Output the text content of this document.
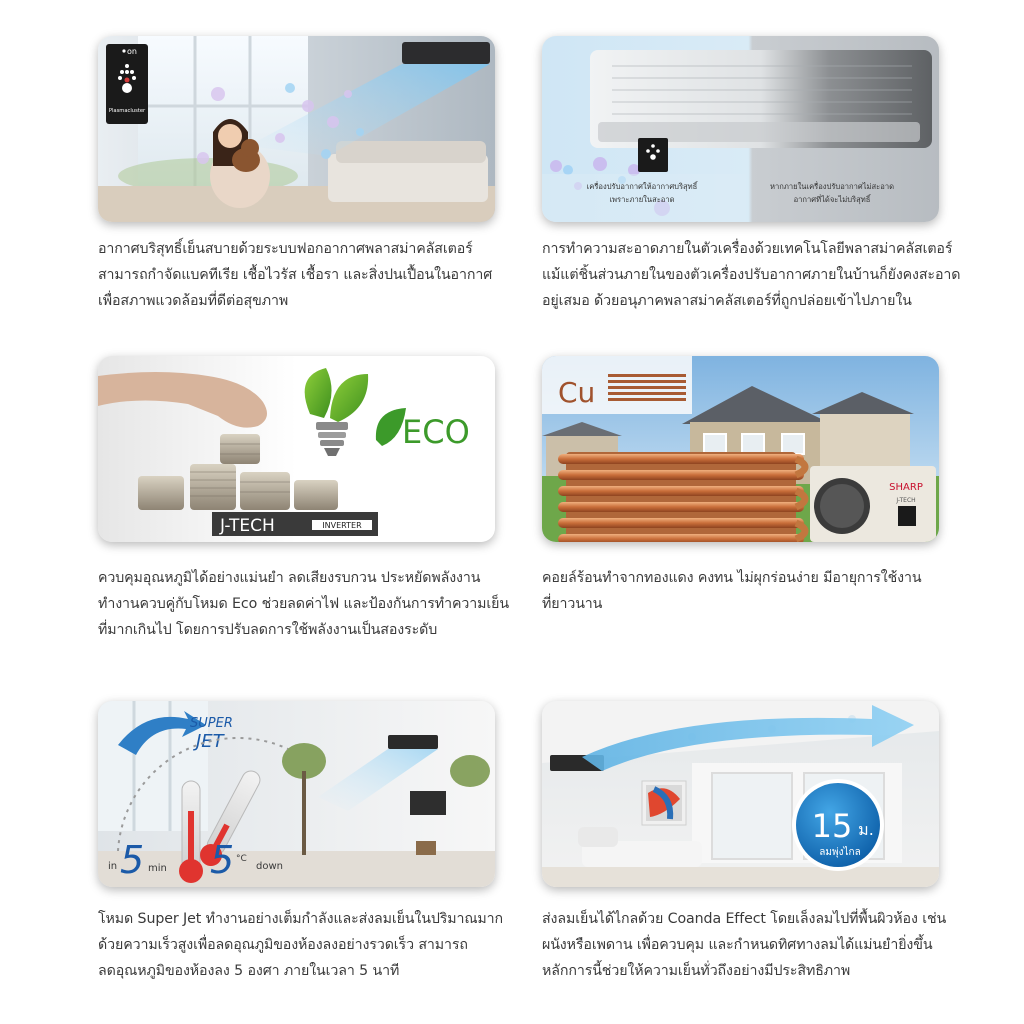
on
Plasmacluster
อากาศบริสุทธิ์เย็นสบายด้วยระบบฟอกอากาศพลาสม่าคลัสเตอร์
สามารถกำจัดแบคทีเรีย เชื้อไวรัส เชื้อรา และสิ่งปนเปื้อนในอากาศ
เพื่อสภาพแวดล้อมที่ดีต่อสุขภาพ
เครื่องปรับอากาศให้อากาศบริสุทธิ์
เพราะภายในสะอาด
หากภายในเครื่องปรับอากาศไม่สะอาด
อากาศที่ได้จะไม่บริสุทธิ์
การทำความสะอาดภายในตัวเครื่องด้วยเทคโนโลยีพลาสม่าคลัสเตอร์
แม้แต่ชิ้นส่วนภายในของตัวเครื่องปรับอากาศภายในบ้านก็ยังคงสะอาด
อยู่เสมอ ด้วยอนุภาคพลาสม่าคลัสเตอร์ที่ถูกปล่อยเข้าไปภายใน
ECO
J-TECH	INVERTER
ควบคุมอุณหภูมิได้อย่างแม่นยำ ลดเสียงรบกวน ประหยัดพลังงาน
ทำงานควบคู่กับโหมด Eco ช่วยลดค่าไฟ และป้องกันการทำความเย็น
ที่มากเกินไป โดยการปรับลดการใช้พลังงานเป็นสองระดับ
SHARP
J-TECH
Cu
คอยล์ร้อนทำจากทองแดง คงทน ไม่ผุกร่อนง่าย มีอายุการใช้งาน
ที่ยาวนาน
SUPER
JET
in 5 min 5 °C
down
โหมด Super Jet ทำงานอย่างเต็มกำลังและส่งลมเย็นในปริมาณมาก
ด้วยความเร็วสูงเพื่อลดอุณภูมิของห้องลงอย่างรวดเร็ว สามารถ
ลดอุณหภูมิของห้องลง 5 องศา ภายในเวลา 5 นาที
15 ม.
ลมพุ่งไกล
ส่งลมเย็นได้ไกลด้วย Coanda Effect โดยเล็งลมไปที่พื้นผิวห้อง เช่น
ผนังหรือเพดาน เพื่อควบคุม และกำหนดทิศทางลมได้แม่นยำยิ่งขึ้น
หลักการนี้ช่วยให้ความเย็นทั่วถึงอย่างมีประสิทธิภาพ
